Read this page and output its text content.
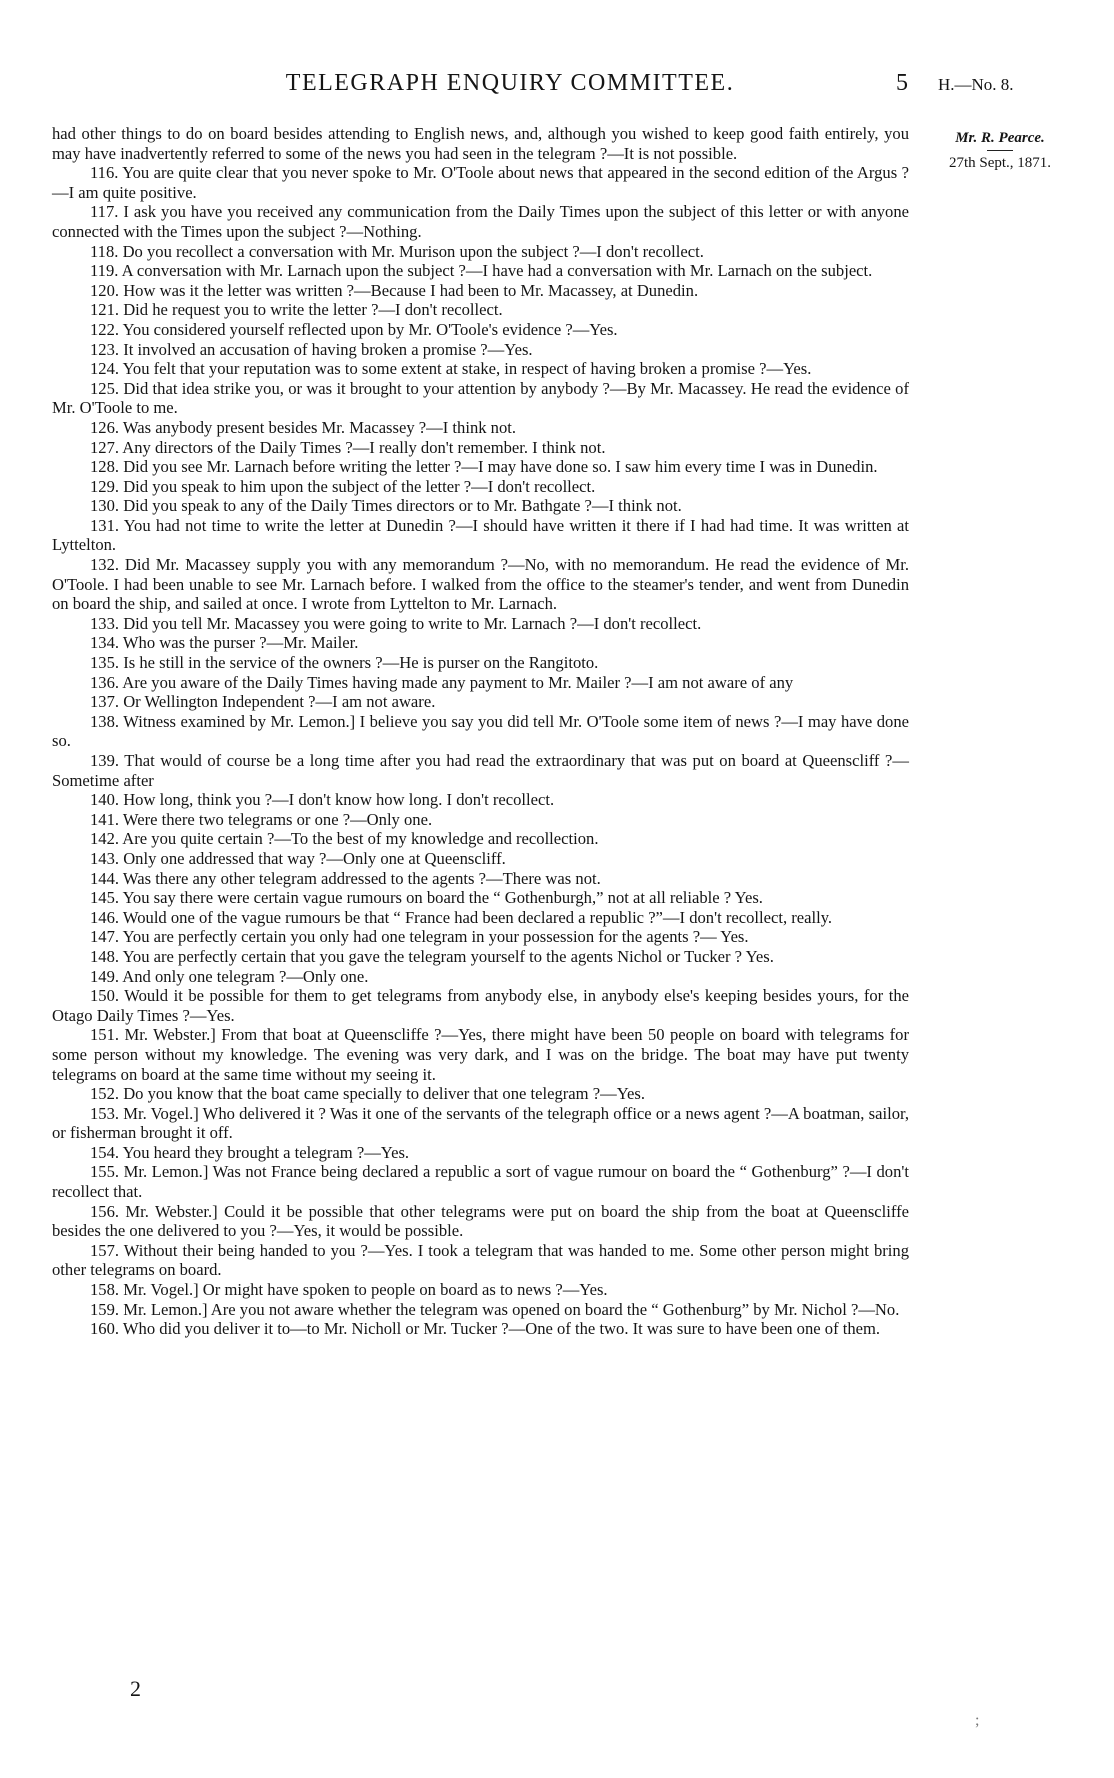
TELEGRAPH ENQUIRY COMMITTEE.	5 H.—No. 8.
Mr. R. Pearce.
27th Sept., 1871.

had other things to do on board besides attending to English news, and, although you wished to keep good faith entirely, you may have inadvertently referred to some of the news you had seen in the telegram ?—It is not possible.

116. You are quite clear that you never spoke to Mr. O'Toole about news that appeared in the second edition of the Argus ?—I am quite positive.

117. I ask you have you received any communication from the Daily Times upon the subject of this letter or with anyone connected with the Times upon the subject ?—Nothing.

118. Do you recollect a conversation with Mr. Murison upon the subject ?—I don't recollect.

119. A conversation with Mr. Larnach upon the subject ?—I have had a conversation with Mr. Larnach on the subject.

120. How was it the letter was written ?—Because I had been to Mr. Macassey, at Dunedin.

121. Did he request you to write the letter ?—I don't recollect.

122. You considered yourself reflected upon by Mr. O'Toole's evidence ?—Yes.

123. It involved an accusation of having broken a promise ?—Yes.

124. You felt that your reputation was to some extent at stake, in respect of having broken a promise ?—Yes.

125. Did that idea strike you, or was it brought to your attention by anybody ?—By Mr. Macassey. He read the evidence of Mr. O'Toole to me.

126. Was anybody present besides Mr. Macassey ?—I think not.

127. Any directors of the Daily Times ?—I really don't remember. I think not.

128. Did you see Mr. Larnach before writing the letter ?—I may have done so. I saw him every time I was in Dunedin.

129. Did you speak to him upon the subject of the letter ?—I don't recollect.

130. Did you speak to any of the Daily Times directors or to Mr. Bathgate ?—I think not.

131. You had not time to write the letter at Dunedin ?—I should have written it there if I had had time. It was written at Lyttelton.

132. Did Mr. Macassey supply you with any memorandum ?—No, with no memorandum. He read the evidence of Mr. O'Toole. I had been unable to see Mr. Larnach before. I walked from the office to the steamer's tender, and went from Dunedin on board the ship, and sailed at once. I wrote from Lyttelton to Mr. Larnach.

133. Did you tell Mr. Macassey you were going to write to Mr. Larnach ?—I don't recollect.

134. Who was the purser ?—Mr. Mailer.

135. Is he still in the service of the owners ?—He is purser on the Rangitoto.

136. Are you aware of the Daily Times having made any payment to Mr. Mailer ?—I am not aware of any

137. Or Wellington Independent ?—I am not aware.

138. Witness examined by Mr. Lemon.] I believe you say you did tell Mr. O'Toole some item of news ?—I may have done so.

139. That would of course be a long time after you had read the extraordinary that was put on board at Queenscliff ?—Sometime after

140. How long, think you ?—I don't know how long. I don't recollect.

141. Were there two telegrams or one ?—Only one.

142. Are you quite certain ?—To the best of my knowledge and recollection.

143. Only one addressed that way ?—Only one at Queenscliff.

144. Was there any other telegram addressed to the agents ?—There was not.

145. You say there were certain vague rumours on board the “ Gothenburgh,” not at all reliable ? Yes.

146. Would one of the vague rumours be that “ France had been declared a republic ?”—I don't recollect, really.

147. You are perfectly certain you only had one telegram in your possession for the agents ?— Yes.

148. You are perfectly certain that you gave the telegram yourself to the agents Nichol or Tucker ? Yes.

149. And only one telegram ?—Only one.

150. Would it be possible for them to get telegrams from anybody else, in anybody else's keeping besides yours, for the Otago Daily Times ?—Yes.

151. Mr. Webster.] From that boat at Queenscliffe ?—Yes, there might have been 50 people on board with telegrams for some person without my knowledge. The evening was very dark, and I was on the bridge. The boat may have put twenty telegrams on board at the same time without my seeing it.

152. Do you know that the boat came specially to deliver that one telegram ?—Yes.

153. Mr. Vogel.] Who delivered it ? Was it one of the servants of the telegraph office or a news agent ?—A boatman, sailor, or fisherman brought it off.

154. You heard they brought a telegram ?—Yes.

155. Mr. Lemon.] Was not France being declared a republic a sort of vague rumour on board the “ Gothenburg” ?—I don't recollect that.

156. Mr. Webster.] Could it be possible that other telegrams were put on board the ship from the boat at Queenscliffe besides the one delivered to you ?—Yes, it would be possible.

157. Without their being handed to you ?—Yes. I took a telegram that was handed to me. Some other person might bring other telegrams on board.

158. Mr. Vogel.] Or might have spoken to people on board as to news ?—Yes.

159. Mr. Lemon.] Are you not aware whether the telegram was opened on board the “ Gothenburg” by Mr. Nichol ?—No.

160. Who did you deliver it to—to Mr. Nicholl or Mr. Tucker ?—One of the two. It was sure to have been one of them.

2
;
